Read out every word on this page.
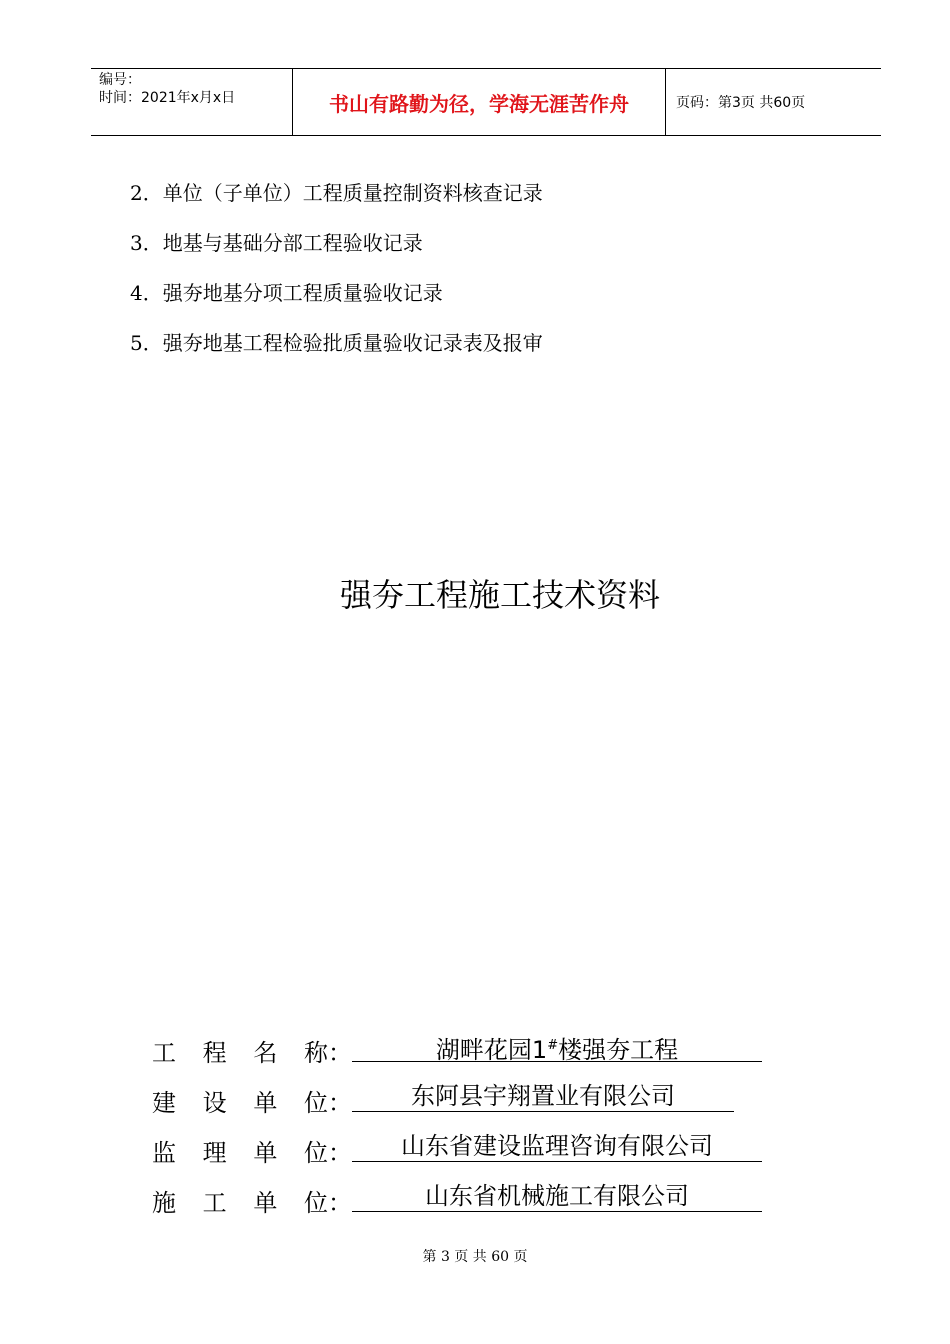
编号：
时间：2021年x月x日	书山有路勤为径，学海无涯苦作舟	页码：第3页 共60页
2．单位（子单位）工程质量控制资料核查记录
3．地基与基础分部工程验收记录
4．强夯地基分项工程质量验收记录
5．强夯地基工程检验批质量验收记录表及报审
强夯工程施工技术资料
工 程 名 称：	湖畔花园1#楼强夯工程
建 设 单 位：	东阿县宇翔置业有限公司
监 理 单 位：	山东省建设监理咨询有限公司
施 工 单 位：	山东省机械施工有限公司
第 3 页 共 60 页
